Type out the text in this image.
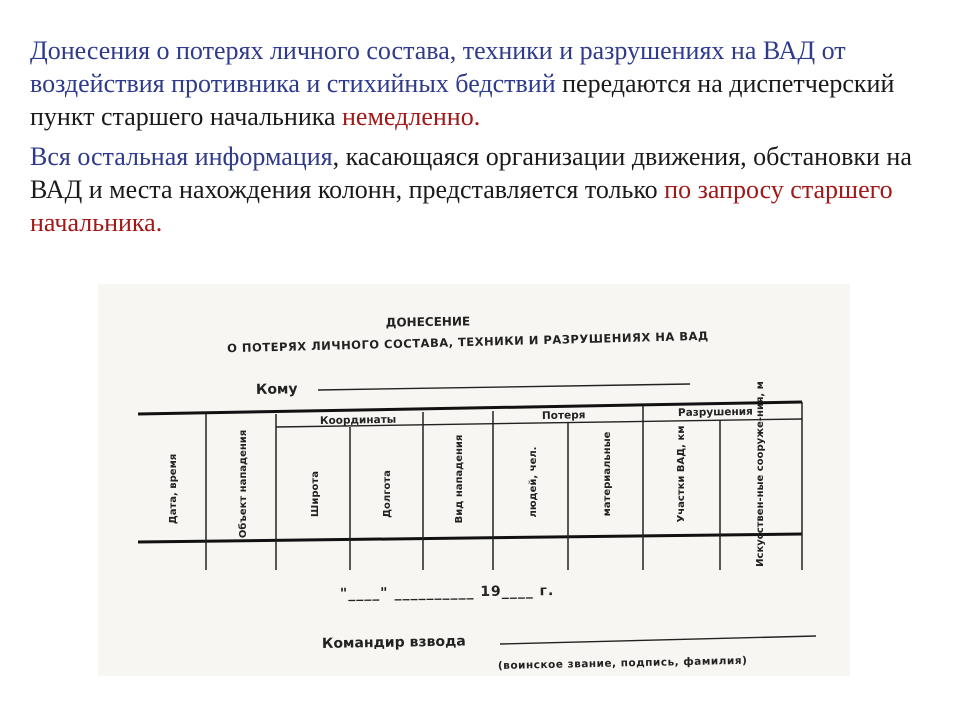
Донесения о потерях личного состава, техники и разрушениях на ВАД от воздействия противника и стихийных бедствий передаются на диспетчерский пункт старшего начальника немедленно.

Вся остальная информация, касающаяся организации движения, обстановки на ВАД и места нахождения колонн, представляется только по запросу старшего начальника.

ДОНЕСЕНИЕ
О ПОТЕРЯХ ЛИЧНОГО СОСТАВА, ТЕХНИКИ И РАЗРУШЕНИЯХ НА ВАД
Кому
Координаты	Потеря	Разрушения
Дата, время	Объект нападения	Широта	Долгота	Вид нападения	людей, чел.	материальные	Участки ВАД, км	Искусствен-ные сооруже-ния, м
"____" __________ 19____ г.
Командир взвода
(воинское звание, подпись, фамилия)
